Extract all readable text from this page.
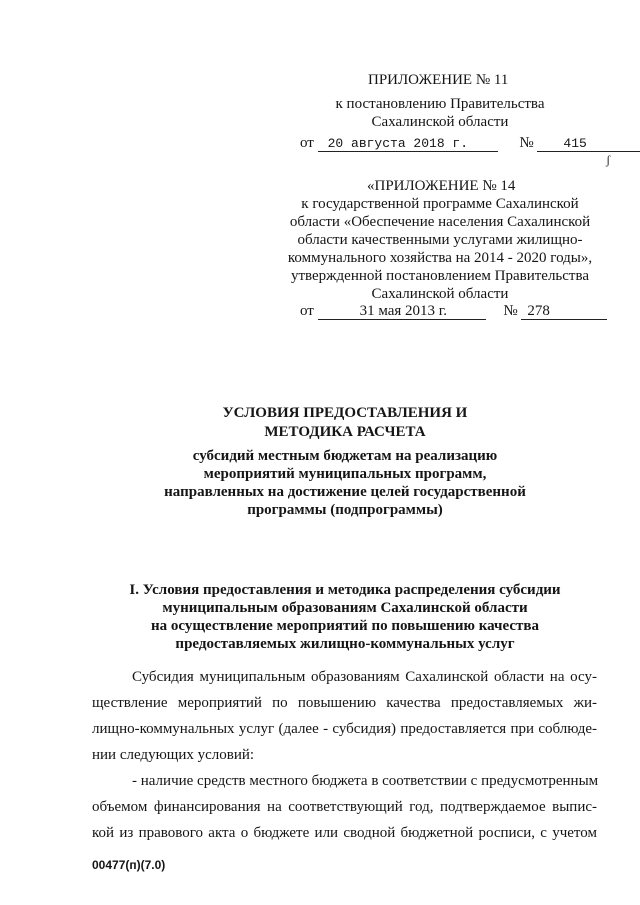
ПРИЛОЖЕНИЕ № 11
к постановлению Правительства
Сахалинской области
от 20 августа 2018 г.	№ 415
ʃ
«ПРИЛОЖЕНИЕ № 14
к государственной программе Сахалинской
области «Обеспечение населения Сахалинской
области качественными услугами жилищно-
коммунального хозяйства на 2014 - 2020 годы»,
утвержденной постановлением Правительства
Сахалинской области
от	31 мая 2013 г.	№ 278
УСЛОВИЯ ПРЕДОСТАВЛЕНИЯ И
МЕТОДИКА РАСЧЕТА
субсидий местным бюджетам на реализацию
мероприятий муниципальных программ,
направленных на достижение целей государственной
программы (подпрограммы)
I. Условия предоставления и методика распределения субсидии
муниципальным образованиям Сахалинской области
на осуществление мероприятий по повышению качества
предоставляемых жилищно-коммунальных услуг
Субсидия муниципальным образованиям Сахалинской области на осу-
ществление мероприятий по повышению качества предоставляемых жи-
лищно-коммунальных услуг (далее - субсидия) предоставляется при соблюде-
нии следующих условий:
- наличие средств местного бюджета в соответствии с предусмотренным
объемом финансирования на соответствующий год, подтверждаемое выпис-
кой из правового акта о бюджете или сводной бюджетной росписи, с учетом
00477(п)(7.0)
